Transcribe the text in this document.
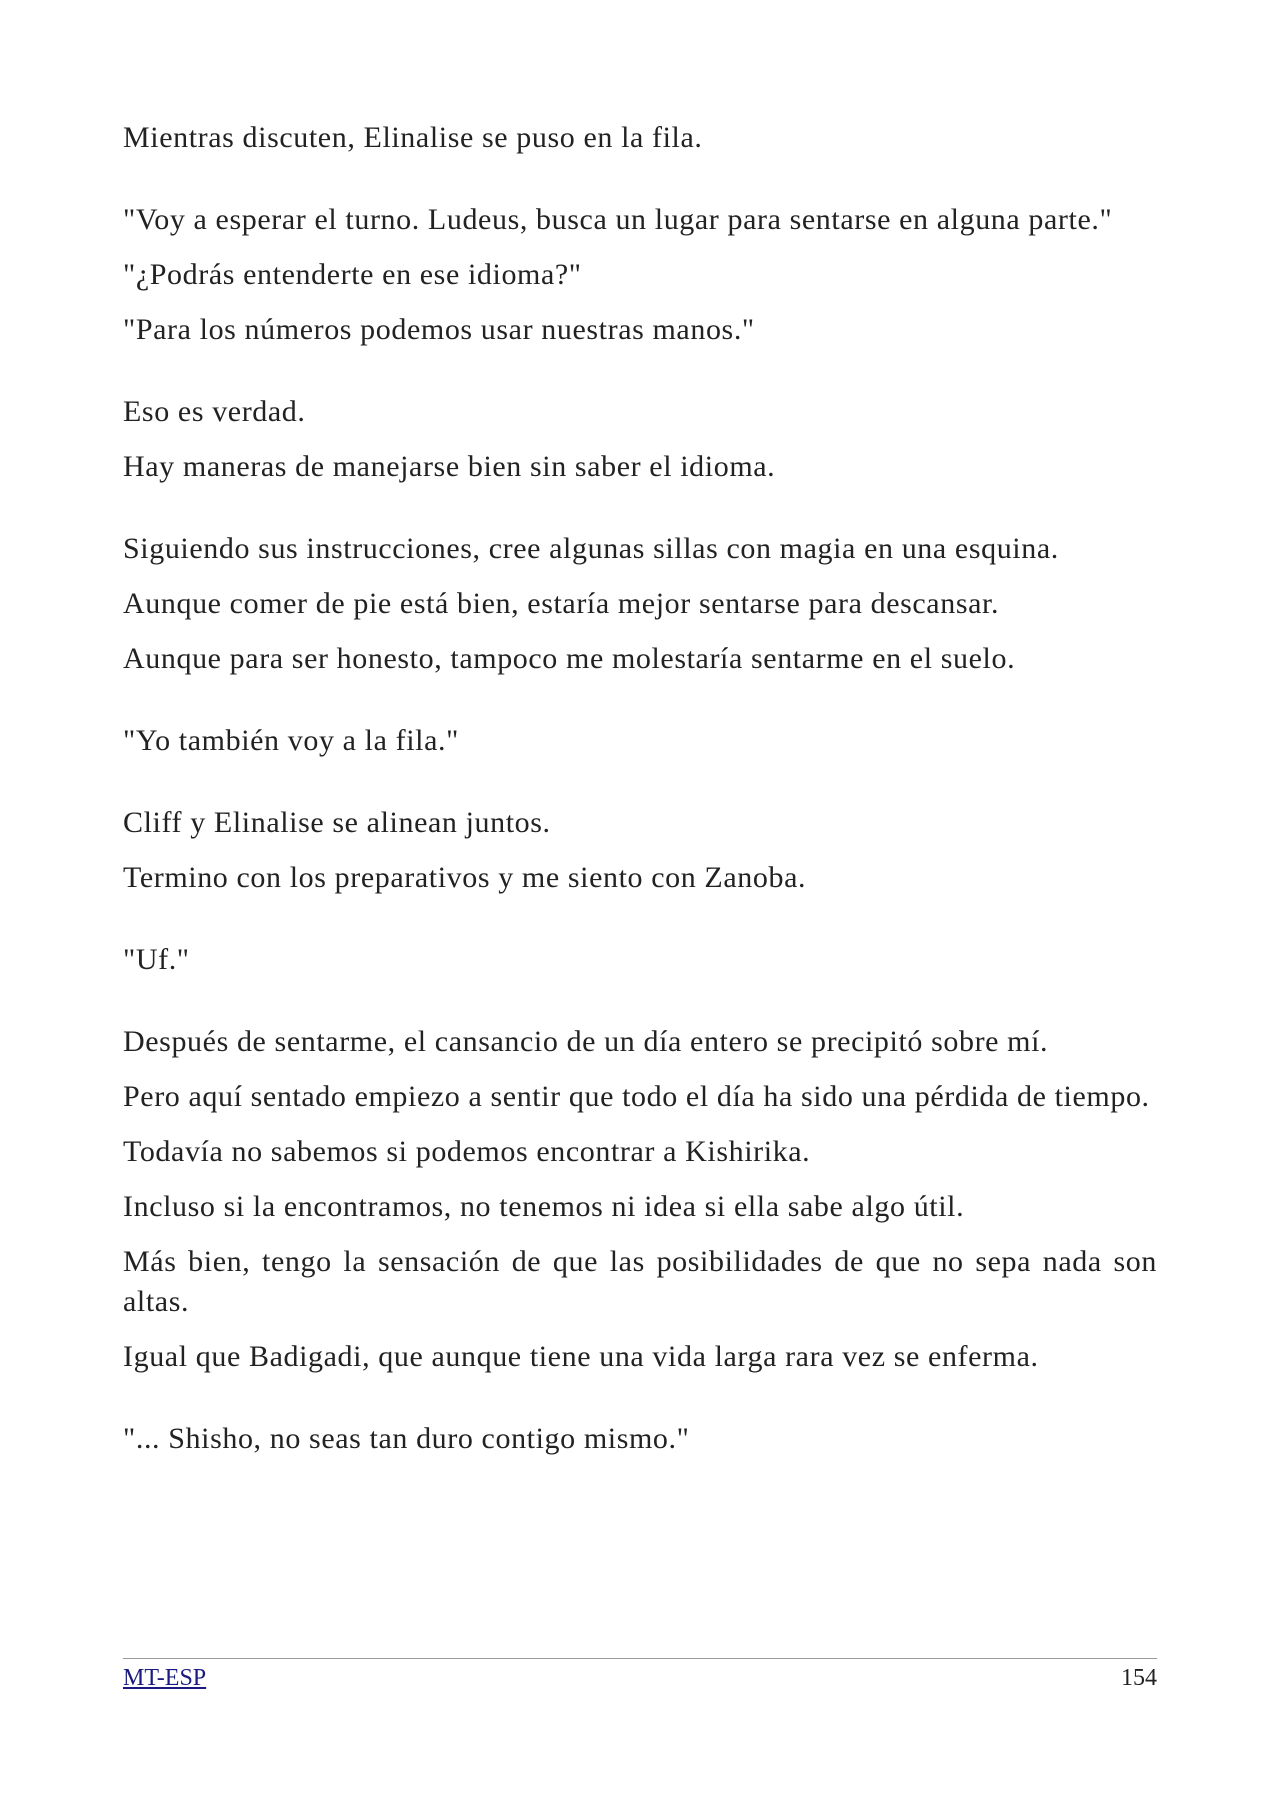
Mientras discuten, Elinalise se puso en la fila.

"Voy a esperar el turno. Ludeus, busca un lugar para sentarse en alguna parte."

"¿Podrás entenderte en ese idioma?"

"Para los números podemos usar nuestras manos."

Eso es verdad.

Hay maneras de manejarse bien sin saber el idioma.

Siguiendo sus instrucciones, cree algunas sillas con magia en una esquina.

Aunque comer de pie está bien, estaría mejor sentarse para descansar.

Aunque para ser honesto, tampoco me molestaría sentarme en el suelo.

"Yo también voy a la fila."

Cliff y Elinalise se alinean juntos.

Termino con los preparativos y me siento con Zanoba.

"Uf."

Después de sentarme, el cansancio de un día entero se precipitó sobre mí.

Pero aquí sentado empiezo a sentir que todo el día ha sido una pérdida de tiempo.

Todavía no sabemos si podemos encontrar a Kishirika.

Incluso si la encontramos, no tenemos ni idea si ella sabe algo útil.

Más bien, tengo la sensación de que las posibilidades de que no sepa nada son altas.

Igual que Badigadi, que aunque tiene una vida larga rara vez se enferma.

"... Shisho, no seas tan duro contigo mismo."

MT-ESP	154
